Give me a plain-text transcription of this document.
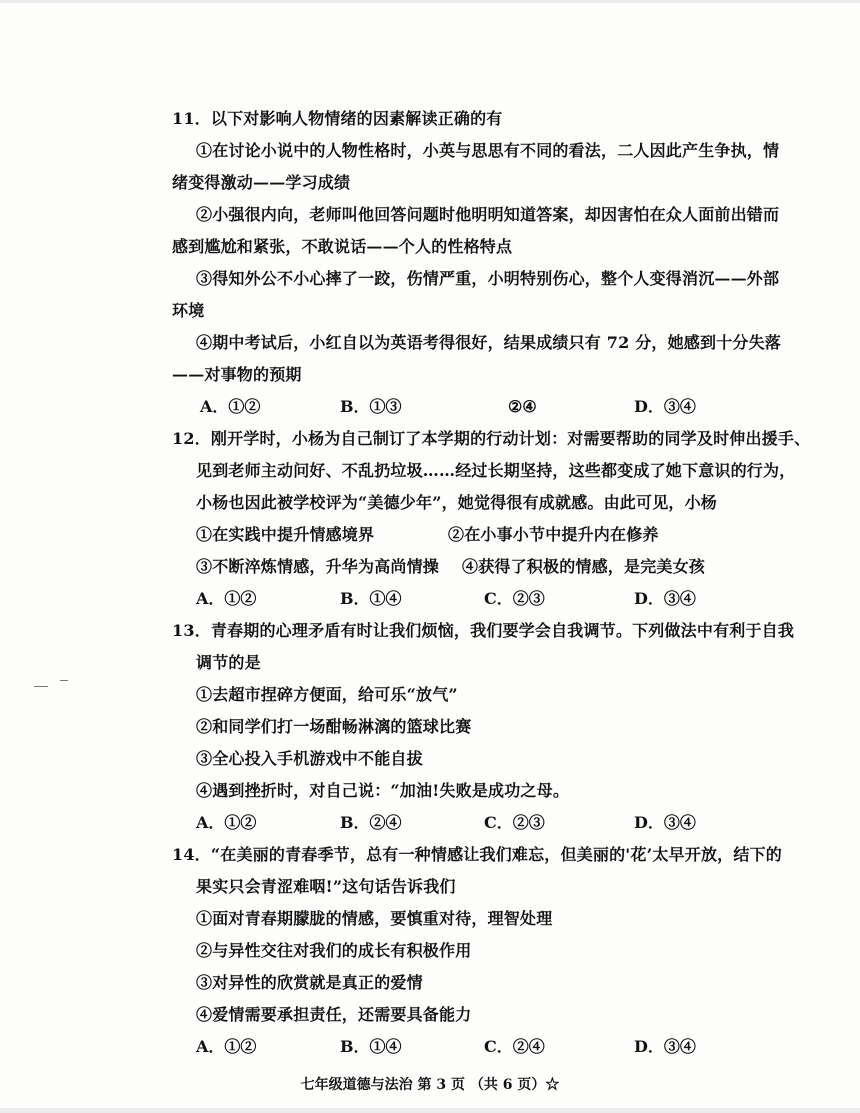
11．以下对影响人物情绪的因素解读正确的有
①在讨论小说中的人物性格时，小英与思思有不同的看法，二人因此产生争执，情
绪变得激动——学习成绩
②小强很内向，老师叫他回答问题时他明明知道答案，却因害怕在众人面前出错而
感到尴尬和紧张，不敢说话——个人的性格特点
③得知外公不小心摔了一跤，伤情严重，小明特别伤心，整个人变得消沉——外部
环境
④期中考试后，小红自以为英语考得很好，结果成绩只有 72 分，她感到十分失落
——对事物的预期
A．①②	B．①③	②④	D．③④
12．刚开学时，小杨为自己制订了本学期的行动计划：对需要帮助的同学及时伸出援手、
见到老师主动问好、不乱扔垃圾……经过长期坚持，这些都变成了她下意识的行为，
小杨也因此被学校评为“美德少年”，她觉得很有成就感。由此可见，小杨
①在实践中提升情感境界	②在小事小节中提升内在修养
③不断淬炼情感，升华为高尚情操 ④获得了积极的情感，是完美女孩
A．①②	B．①④	C．②③	D．③④
13．青春期的心理矛盾有时让我们烦恼，我们要学会自我调节。下列做法中有利于自我
调节的是
①去超市捏碎方便面，给可乐“放气”
②和同学们打一场酣畅淋漓的篮球比赛
③全心投入手机游戏中不能自拔
④遇到挫折时，对自己说：“加油!失败是成功之母。
A．①②	B．②④	C．②③	D．③④
14．“在美丽的青春季节，总有一种情感让我们难忘，但美丽的'花’太早开放，结下的
果实只会青涩难咽!”这句话告诉我们
①面对青春期朦胧的情感，要慎重对待，理智处理
②与异性交往对我们的成长有积极作用
③对异性的欣赏就是真正的爱情
④爱情需要承担责任，还需要具备能力
A．①②	B．①④	C．②④	D．③④
七年级道德与法治 第 3 页 （共 6 页）☆
